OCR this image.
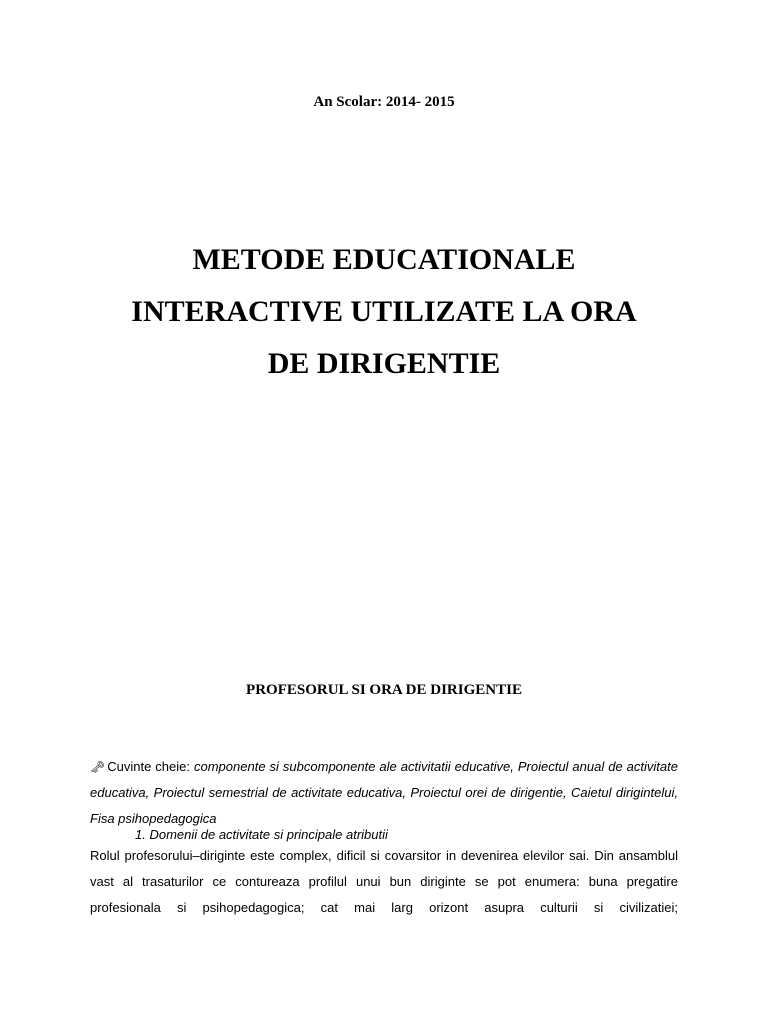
An Scolar: 2014- 2015
METODE EDUCATIONALE
INTERACTIVE UTILIZATE LA ORA
DE DIRIGENTIE
PROFESORUL SI ORA DE DIRIGENTIE
🗝 Cuvinte cheie: componente si subcomponente ale activitatii educative, Proiectul anual de activitate educativa, Proiectul semestrial de activitate educativa, Proiectul orei de dirigentie, Caietul dirigintelui, Fisa psihopedagogica
1. Domenii de activitate si principale atributii
Rolul profesorului–diriginte este complex, dificil si covarsitor in devenirea elevilor sai. Din ansamblul vast al trasaturilor ce contureaza profilul unui bun diriginte se pot enumera: buna pregatire profesionala si psihopedagogica; cat mai larg orizont asupra culturii si civilizatiei;
